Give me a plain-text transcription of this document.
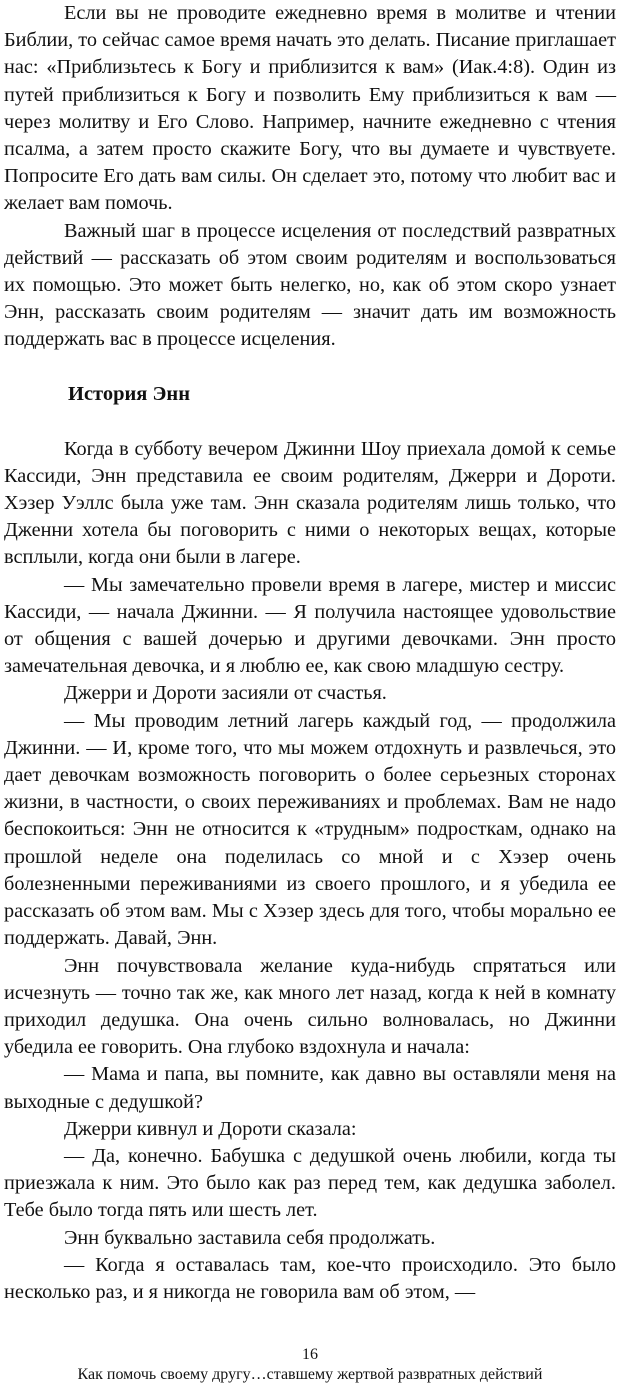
Если вы не проводите ежедневно время в молитве и чтении Библии, то сейчас самое время начать это делать. Писание приглашает нас: «Приблизьтесь к Богу и приблизится к вам» (Иак.4:8). Один из путей приблизиться к Богу и позволить Ему приблизиться к вам — через молитву и Его Слово. Например, начните ежедневно с чтения псалма, а затем просто скажите Богу, что вы думаете и чувствуете. Попросите Его дать вам силы. Он сделает это, потому что любит вас и желает вам помочь.

Важный шаг в процессе исцеления от последствий развратных действий — рассказать об этом своим родителям и воспользоваться их помощью. Это может быть нелегко, но, как об этом скоро узнает Энн, рассказать своим родителям — значит дать им возможность поддержать вас в процессе исцеления.

История Энн

Когда в субботу вечером Джинни Шоу приехала домой к семье Кассиди, Энн представила ее своим родителям, Джерри и Дороти. Хэзер Уэллс была уже там. Энн сказала родителям лишь только, что Дженни хотела бы поговорить с ними о некоторых вещах, которые всплыли, когда они были в лагере.

— Мы замечательно провели время в лагере, мистер и миссис Кассиди, — начала Джинни. — Я получила настоящее удовольствие от общения с вашей дочерью и другими девочками. Энн просто замечательная девочка, и я люблю ее, как свою младшую сестру.

Джерри и Дороти засияли от счастья.

— Мы проводим летний лагерь каждый год, — продолжила Джинни. — И, кроме того, что мы можем отдохнуть и развлечься, это дает девочкам возможность поговорить о более серьезных сторонах жизни, в частности, о своих переживаниях и проблемах. Вам не надо беспокоиться: Энн не относится к «трудным» подросткам, однако на прошлой неделе она поделилась со мной и с Хэзер очень болезненными переживаниями из своего прошлого, и я убедила ее рассказать об этом вам. Мы с Хэзер здесь для того, чтобы морально ее поддержать. Давай, Энн.

Энн почувствовала желание куда-нибудь спрятаться или исчезнуть — точно так же, как много лет назад, когда к ней в комнату приходил дедушка. Она очень сильно волновалась, но Джинни убедила ее говорить. Она глубоко вздохнула и начала:

— Мама и папа, вы помните, как давно вы оставляли меня на выходные с дедушкой?

Джерри кивнул и Дороти сказала:

— Да, конечно. Бабушка с дедушкой очень любили, когда ты приезжала к ним. Это было как раз перед тем, как дедушка заболел. Тебе было тогда пять или шесть лет.

Энн буквально заставила себя продолжать.

— Когда я оставалась там, кое-что происходило. Это было несколько раз, и я никогда не говорила вам об этом, —

16
Как помочь своему другу…ставшему жертвой развратных действий
